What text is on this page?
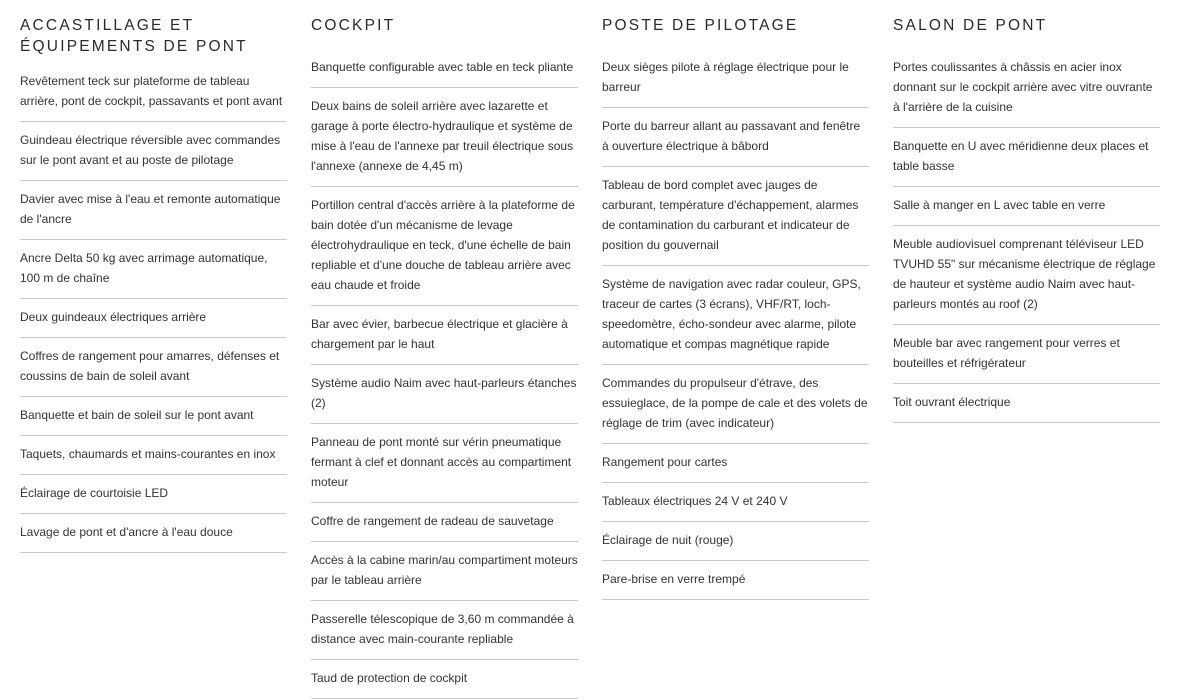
ACCASTILLAGE ET
ÉQUIPEMENTS DE PONT
Revêtement teck sur plateforme de tableau arrière, pont de cockpit, passavants et pont avant
Guindeau électrique réversible avec commandes sur le pont avant et au poste de pilotage
Davier avec mise à l'eau et remonte automatique de l'ancre
Ancre Delta 50 kg avec arrimage automatique, 100 m de chaîne
Deux guindeaux électriques arrière
Coffres de rangement pour amarres, défenses et coussins de bain de soleil avant
Banquette et bain de soleil sur le pont avant
Taquets, chaumards et mains-courantes en inox
Éclairage de courtoisie LED
Lavage de pont et d'ancre à l'eau douce
COCKPIT
Banquette configurable avec table en teck pliante
Deux bains de soleil arrière avec lazarette et garage à porte électro-hydraulique et système de mise à l'eau de l'annexe par treuil électrique sous l'annexe (annexe de 4,45 m)
Portillon central d'accès arrière à la plateforme de bain dotée d'un mécanisme de levage électrohydraulique en teck, d'une échelle de bain repliable et d'une douche de tableau arrière avec eau chaude et froide
Bar avec évier, barbecue électrique et glacière à chargement par le haut
Système audio Naim avec haut-parleurs étanches (2)
Panneau de pont monté sur vérin pneumatique fermant à clef et donnant accès au compartiment moteur
Coffre de rangement de radeau de sauvetage
Accès à la cabine marin/au compartiment moteurs par le tableau arrière
Passerelle télescopique de 3,60 m commandée à distance avec main-courante repliable
Taud de protection de cockpit
POSTE DE PILOTAGE
Deux sièges pilote à réglage électrique pour le barreur
Porte du barreur allant au passavant and fenêtre à ouverture électrique à bâbord
Tableau de bord complet avec jauges de carburant, température d'échappement, alarmes de contamination du carburant et indicateur de position du gouvernail
Système de navigation avec radar couleur, GPS, traceur de cartes (3 écrans), VHF/RT, loch-speedomètre, écho-sondeur avec alarme, pilote automatique et compas magnétique rapide
Commandes du propulseur d'étrave, des essuieglace, de la pompe de cale et des volets de réglage de trim (avec indicateur)
Rangement pour cartes
Tableaux électriques 24 V et 240 V
Éclairage de nuit (rouge)
Pare-brise en verre trempé
SALON DE PONT
Portes coulissantes à châssis en acier inox donnant sur le cockpit arrière avec vitre ouvrante à l'arrière de la cuisine
Banquette en U avec méridienne deux places et table basse
Salle à manger en L avec table en verre
Meuble audiovisuel comprenant téléviseur LED TVUHD 55" sur mécanisme électrique de réglage de hauteur et système audio Naim avec haut-parleurs montés au roof (2)
Meuble bar avec rangement pour verres et bouteilles et réfrigérateur
Toit ouvrant électrique
